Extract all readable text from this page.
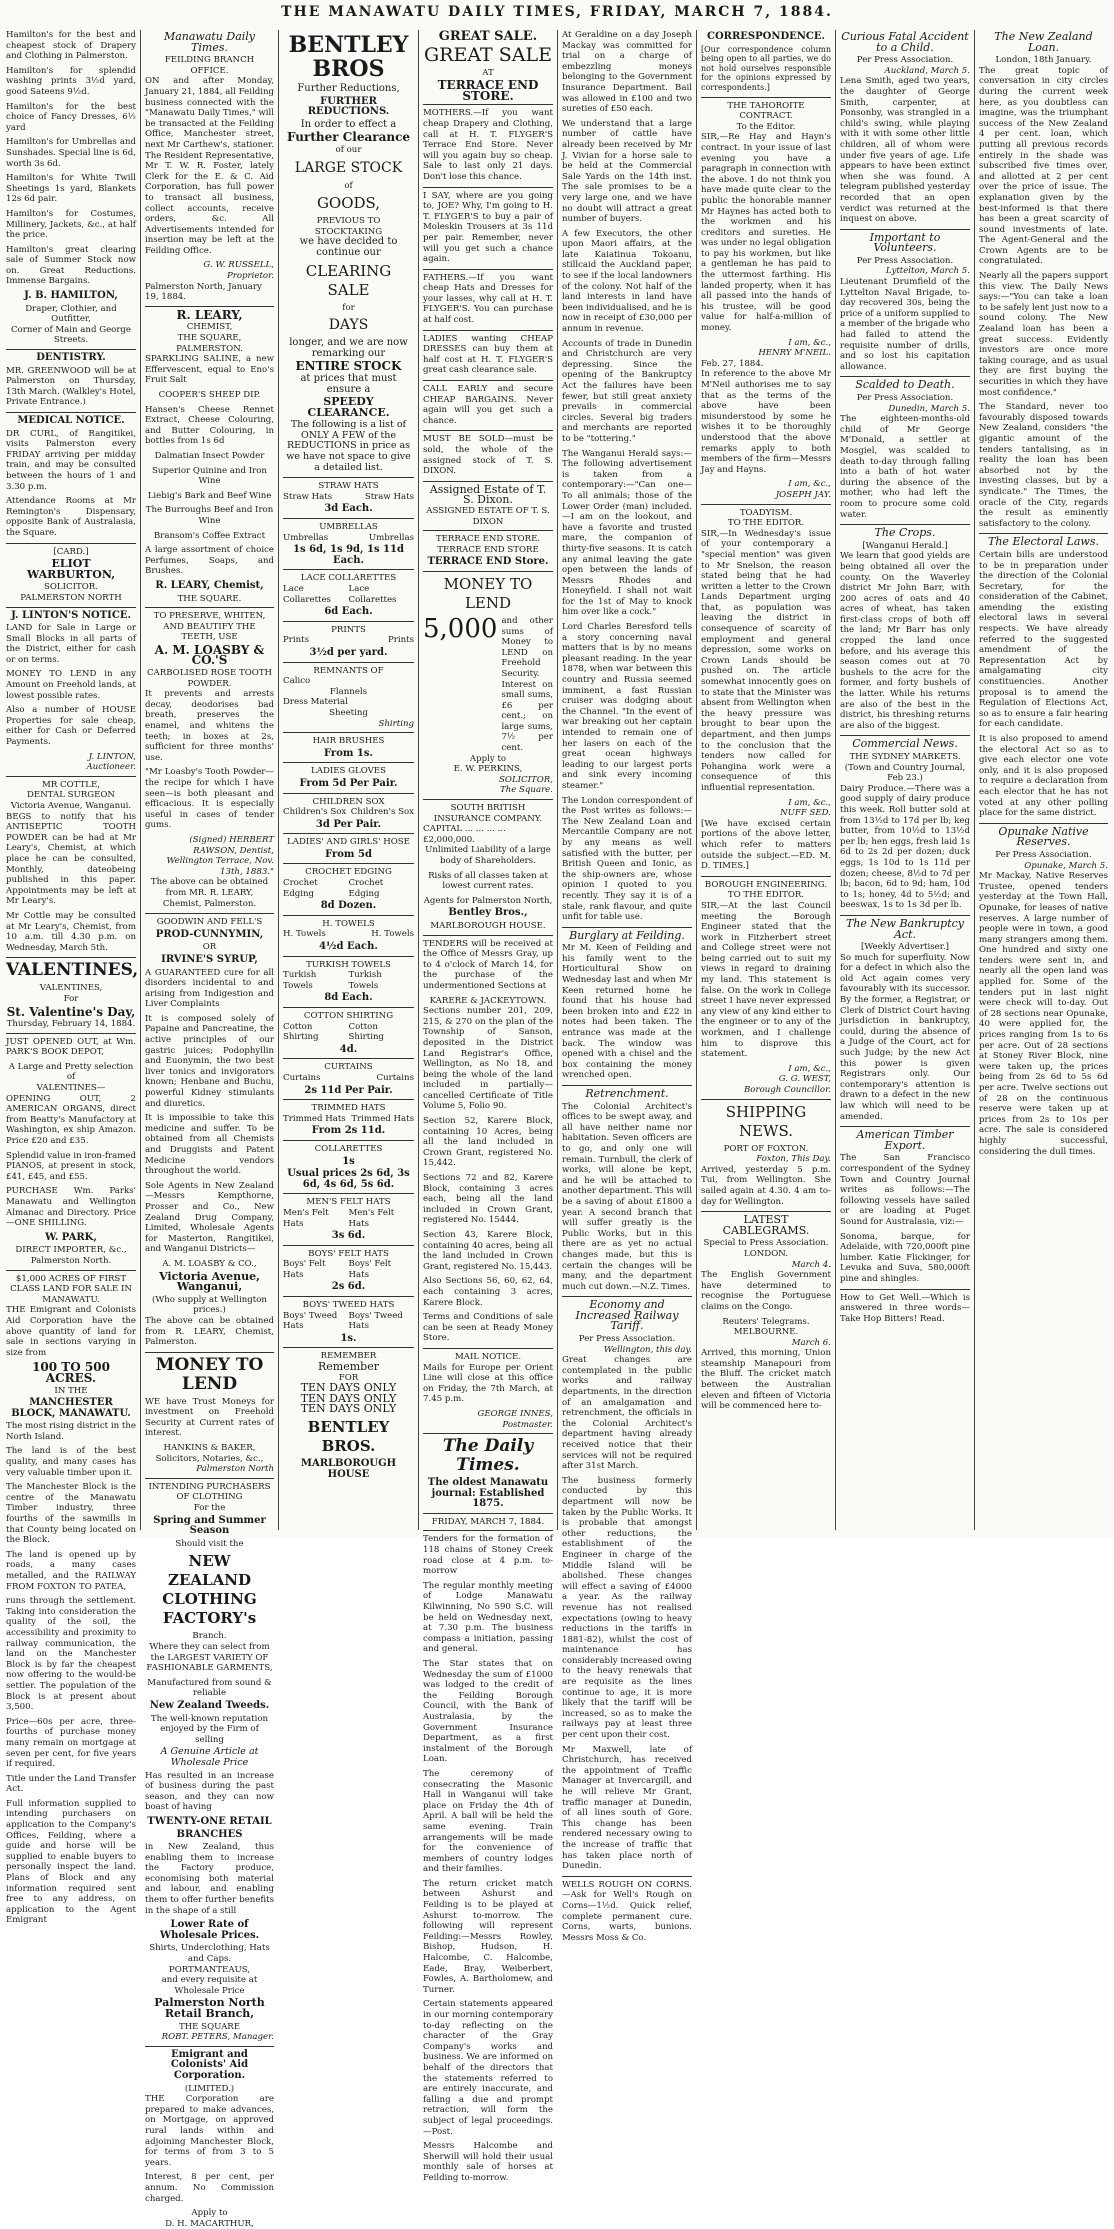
THE MANAWATU DAILY TIMES, FRIDAY, MARCH 7, 1884.

Hamilton's for the best and cheapest stock of Drapery and Clothing in Palmerston.

Hamilton's for splendid washing prints 3½d yard, good Sateens 9½d.

Hamilton's for the best choice of Fancy Dresses, 6½ yard

Hamilton's for Umbrellas and Sunshades. Special line is 6d, worth 3s 6d.

Hamilton's for White Twill Sheetings 1s yard, Blankets 12s 6d pair.

Hamilton's for Costumes, Millinery, Jackets, &c., at half the price.

Hamilton's great clearing sale of Summer Stock now on. Great Reductions. Immense Bargains.

J. B. HAMILTON,
Draper, Clothier, and Outfitter,
Corner of Main and George Streets.
DENTISTRY.

MR. GREENWOOD will be at Palmerston on Thursday, 13th March. (Walkley's Hotel, Private Entrance.)

MEDICAL NOTICE.

DR CURL, of Rangitikei, visits Palmerston every FRIDAY arriving per midday train, and may be consulted between the hours of 1 and 3.30 p.m.

Attendance Rooms at Mr Remington's Dispensary, opposite Bank of Australasia, the Square.

[CARD.]
ELIOT WARBURTON,
SOLICITOR.
PALMERSTON NORTH
J. LINTON'S NOTICE.

LAND for Sale in Large or Small Blocks in all parts of the District, either for cash or on terms.

MONEY TO LEND in any Amount on Freehold lands, at lowest possible rates.

Also a number of HOUSE Properties for sale cheap, either for Cash or Deferred Payments.

J. LINTON,
Auctioneer.
MR COTTLE,
DENTAL SURGEON
Victoria Avenue, Wanganui.

BEGS to notify that his ANTISEPTIC TOOTH POWDER can be had at Mr Leary's, Chemist, at which place he can be consulted, Monthly, dateobeing published in this paper. Appointments may be left at Mr Leary's.

Mr Cottle may be consulted at Mr Leary's, Chemist, from 10 a.m. till 4.30 p.m. on Wednesday, March 5th.

VALENTINES,
VALENTINES,
For
St. Valentine's Day,
Thursday, February 14, 1884.

JUST OPENED OUT, at Wm. PARK'S BOOK DEPOT,

A Large and Pretty selection of
VALENTINES—

OPENING OUT, 2 AMERICAN ORGANS, direct from Beatty's Manufactory at Washington, ex ship Amazon. Price £20 and £35.

Splendid value in iron-framed PIANOS, at present in stock, £41, £45, and £55.

PURCHASE Wm. Parks' Manawatu and Wellington Almanac and Directory. Price—ONE SHILLING.

W. PARK,
DIRECT IMPORTER, &c.,
Palmerston North.
$1,000 ACRES OF FIRST CLASS LAND FOR SALE IN MANAWATU.

THE Emigrant and Colonists Aid Corporation have the above quantity of land for sale in sections varying in size from

100 TO 500 ACRES.
IN THE
MANCHESTER BLOCK, MANAWATU.

The most rising district in the North Island.

The land is of the best quality, and many cases has very valuable timber upon it.

The Manchester Block is the centre of the Manawatu Timber industry, three fourths of the sawmills in that County being located on the Block.

The land is opened up by roads, a many cases metalled, and the RAILWAY FROM FOXTON TO PATEA,

runs through the settlement. Taking into consideration the quality of the soil, the accessibility and proximity to railway communication, the land on the Manchester Block is by far the cheapest now offering to the would-be settler. The population of the Block is at present about 3,500.

Price—60s per acre, three-fourths of purchase money many remain on mortgage at seven per cent, for five years if required.

Title under the Land Transfer Act.

Full information supplied to intending purchasers on application to the Company's Offices, Feilding, where a guide and horse will be supplied to enable buyers to personally inspect the land. Plans of Block and any information required sent free to any address, on application to the Agent Emigrant

Manawatu Daily Times.
FEILDING BRANCH OFFICE.

ON and after Monday, January 21, 1884, all Feilding business connected with the "Manawatu Daily Times," will be transacted at the Feilding Office, Manchester street, next Mr Carthew's, stationer. The Resident Representative, Mr T. W. R. Foster, lately Clerk for the E. & C. Aid Corporation, has full power to transact all business, collect accounts, receive orders, &c. All Advertisements intended for insertion may be left at the Feilding Office.

G. W. RUSSELL,
Proprietor.
Palmerston North, January 19, 1884.
R. LEARY,
CHEMIST,
THE SQUARE, PALMERSTON.

SPARKLING SALINE, a new Effervescent, equal to Eno's Fruit Salt

COOPER'S SHEEP DIP.

Hansen's Cheese Rennet Extract, Cheese Colouring, and Butter Colouring, in bottles from 1s 6d

Dalmatian Insect Powder

Superior Quinine and Iron Wine

Liebig's Bark and Beef Wine

The Burroughs Beef and Iron Wine

Bransom's Coffee Extract

A large assortment of choice Perfumes, Soaps, and Brushes.

R. LEARY, Chemist,
THE SQUARE.
TO PRESERVE, WHITEN, AND BEAUTIFY THE TEETH, USE
A. M. LOASBY & CO.'S
CARBOLISED ROSE TOOTH POWDER.

It prevents and arrests decay, deodorises bad breath, preserves the enamel, and whitens the teeth; in boxes at 2s, sufficient for three months' use.

"Mr Loasby's Tooth Powder—the recipe for which I have seen—is both pleasant and efficacious. It is especially useful in cases of tender gums.

(Signed) HERBERT RAWSON, Dentist,
Wellington Terrace, Nov. 13th, 1883."

The above can be obtained from MR. R. LEARY, Chemist, Palmerston.

GOODWIN AND FELL'S
PROD-CUNNYMIN,
OR
IRVINE'S SYRUP,

A GUARANTEED cure for all disorders incidental to and arising from Indigestion and Liver Complaints

It is composed solely of Papaine and Pancreatine, the active principles of our gastric juices; Podophyllin and Euonymin, the two best liver tonics and invigorators known; Henbane and Buchu, powerful Kidney stimulants and diuretics.

It is impossible to take this medicine and suffer. To be obtained from all Chemists and Druggists and Patent Medicine vendors throughout the world.

Sole Agents in New Zealand—Messrs Kempthorne, Prosser and Co., New Zealand Drug Company, Limited, Wholesale Agents for Masterton, Rangitikei, and Wanganui Districts—

A. M. LOASBY & CO.,
Victoria Avenue, Wanganui,
(Who supply at Wellington prices.)

The above can be obtained from R. LEARY, Chemist, Palmerston.

MONEY TO LEND

WE have Trust Moneys for investment on Freehold Security at Current rates of interest.

HANKINS & BAKER,
Solicitors, Notaries, &c.,
Palmerston North
INTENDING PURCHASERS OF CLOTHING
For the
Spring and Summer Season
Should visit the
NEW ZEALAND CLOTHING FACTORY's
Branch.

Where they can select from the LARGEST VARIETY OF FASHIONABLE GARMENTS,

Manufactured from sound & reliable
New Zealand Tweeds.
The well-known reputation enjoyed by the Firm of selling
A Genuine Article at Wholesale Price

Has resulted in an increase of business during the past season, and they can now boast of having

TWENTY-ONE RETAIL
BRANCHES

in New Zealand, thus enabling them to increase the Factory produce, economising both material and labour, and enabling them to offer further benefits in the shape of a still

Lower Rate of Wholesale Prices.
Shirts, Underclothing, Hats and Caps.
PORTMANTEAUS,
and every requisite at Wholesale Price
Palmerston North Retail Branch,
THE SQUARE
ROBT. PETERS, Manager.
Emigrant and Colonists' Aid Corporation.
(LIMITED.)

THE Corporation are prepared to make advances, on Mortgage, on approved rural lands within and adjoining Manchester Block, for terms of from 3 to 5 years.

Interest, 8 per cent, per annum. No Commission charged.

Apply to
D. H. MACARTHUR,
BENTLEY BROS
Further Reductions,
FURTHER REDUCTIONS.
In order to effect a
Further Clearance
of our
LARGE STOCK
of
GOODS,
PREVIOUS TO STOCKTAKING
we have decided to continue our
CLEARING SALE
for
DAYS
longer, and we are now remarking our
ENTIRE STOCK
at prices that must ensure a
SPEEDY CLEARANCE.

The following is a list of ONLY A FEW of the REDUCTIONS in price as we have not space to give a detailed list.

STRAW HATS
Straw Hats	Straw Hats
3d Each.
UMBRELLAS
Umbrellas	Umbrellas
1s 6d, 1s 9d, 1s 11d Each.
LACE COLLARETTES
Lace Collarettes
Lace Collarettes
6d Each.
PRINTS
Prints	Prints
3½d per yard.
REMNANTS OF
Calico
Flannels
Dress Material
Sheeting
Shirting
HAIR BRUSHES
From 1s.
LADIES GLOVES
From 5d Per Pair.
CHILDREN SOX
Children's Sox Children's Sox
3d Per Pair.
LADIES' AND GIRLS' HOSE
From 5d
CROCHET EDGING
Crochet Edging
Crochet Edging
8d Dozen.
H. TOWELS
H. Towels	H. Towels
4½d Each.
TURKISH TOWELS
Turkish Towels
Turkish Towels
8d Each.
COTTON SHIRTING
Cotton Shirting
Cotton Shirting
4d.
CURTAINS
Curtains	Curtains
2s 11d Per Pair.
TRIMMED HATS
Trimmed Hats Trimmed Hats
From 2s 11d.
COLLARETTES
1s
Usual prices 2s 6d, 3s 6d, 4s 6d, 5s 6d.
MEN'S FELT HATS
Men's Felt Hats
Men's Felt Hats
3s 6d.
BOYS' FELT HATS
Boys' Felt Hats
Boys' Felt Hats
2s 6d.
BOYS' TWEED HATS
Boys' Tweed Hats
Boys' Tweed Hats
1s.
REMEMBER
Remember
FOR
TEN DAYS ONLY
TEN DAYS ONLY
TEN DAYS ONLY
BENTLEY BROS.
MARLBOROUGH HOUSE
GREAT SALE.
GREAT SALE
AT
TERRACE END STORE.

MOTHERS.—If you want cheap Drapery and Clothing, call at H. T. FLYGER'S Terrace End Store. Never will you again buy so cheap. Sale to last only 21 days. Don't lose this chance.

I SAY, where are you going to, JOE? Why, I'm going to H. T. FLYGER'S to buy a pair of Moleskin Trousers at 3s 11d per pair. Remember, never will you get such a chance again.

FATHERS.—If you want cheap Hats and Dresses for your lasses, why call at H. T. FLYGER'S. You can purchase at half cost.

LADIES wanting CHEAP DRESSES can buy them at half cost at H. T. FLYGER'S great cash clearance sale.

CALL EARLY and secure CHEAP BARGAINS. Never again will you get such a chance.

MUST BE SOLD—must be sold, the whole of the assigned stock of T. S. DIXON.

Assigned Estate of T. S. Dixon.
ASSIGNED ESTATE OF T. S. DIXON
TERRACE END STORE.
TERRACE END STORE
TERRACE END Store.
MONEY TO LEND
5,000 and other sums of Money to LEND on Freehold Security. Interest on small sums, £6 per cent.; on large sums, 7½ per cent.
Apply to
E. W. PERKINS,
SOLICITOR,
The Square.
SOUTH BRITISH INSURANCE COMPANY.
CAPITAL ... ... ... ... £2,000,000.

Unlimited Liability of a large body of Shareholders.

Risks of all classes taken at lowest current rates.

Agents for Palmerston North,
Bentley Bros.,
MARLBOROUGH HOUSE.

TENDERS will be received at the Office of Messrs Gray, up to 4 o'clock of March 14, for the purchase of the undermentioned Sections at

KARERE & JACKEYTOWN.

Sections number 201, 209, 215, & 270 on the plan of the Township of Sanson, deposited in the District Land Registrar's Office, Wellington, as No 18, and being the whole of the land included in partially—cancelled Certificate of Title Volume 5, Folio 90.

Section 52, Karere Block, containing 10 Acres, being all the land included in Crown Grant, registered No. 15,442.

Sections 72 and 82, Karere Block, containing 3 acres each, being all the land included in Crown Grant, registered No. 15444.

Section 43, Karere Block, containing 40 acres, being all the land included in Crown Grant, registered No. 15,443.

Also Sections 56, 60, 62, 64, each containing 3 acres, Karere Block.

Terms and Conditions of sale can be seen at Ready Money Store.

MAIL NOTICE.

Mails for Europe per Orient Line will close at this office on Friday, the 7th March, at 7.45 p.m.

GEORGE INNES,
Postmaster.
The Daily Times.
The oldest Manawatu journal: Established 1875.
FRIDAY, MARCH 7, 1884.

Tenders for the formation of 118 chains of Stoney Creek road close at 4 p.m. to-morrow

The regular monthly meeting of Lodge Manawatu Kilwinning, No 590 S.C. will be held on Wednesday next, at 7.30 p.m. The business compass a initiation, passing and general.

The Star states that on Wednesday the sum of £1000 was lodged to the credit of the Feilding Borough Council, with the Bank of Australasia, by the Government Insurance Department, as a first instalment of the Borough Loan.

The ceremony of consecrating the Masonic Hall in Wanganui will take place on Friday the 4th of April. A ball will be held the same evening. Train arrangements will be made for the convenience of members of country lodges and their families.

The return cricket match between Ashurst and Feilding is to be played at Ashurst to-morrow. The following will represent Feilding:—Messrs Rowley, Bishop, Hudson, H. Halcombe, C. Halcombe, Eade, Bray, Weiberbert, Fowles, A. Bartholomew, and Turner.

Certain statements appeared in our morning contemporary to-day reflecting on the character of the Gray Company's works and business. We are informed on behalf of the directors that the statements referred to are entirely inaccurate, and falling a due and prompt retraction, will form the subject of legal proceedings.—Post.

Messrs Halcombe and Sherwill will hold their usual monthly sale of horses at Feilding to-morrow.

At Geraldine on a day Joseph Mackay was committed for trial on a charge of embezzling moneys belonging to the Government Insurance Department. Bail was allowed in £100 and two sureties of £50 each.

We understand that a large number of cattle have already been received by Mr J. Vivian for a horse sale to be held at the Commercial Sale Yards on the 14th inst. The sale promises to be a very large one, and we have no doubt will attract a great number of buyers.

A few Executors, the other upon Maori affairs, at the late Kaiatinua Tokoanu, stillcaid the Auckland paper, to see if the local landowners of the colony. Not half of the land interests in land have been individualised, and he is now in receipt of £30,000 per annum in revenue.

Accounts of trade in Dunedin and Christchurch are very depressing. Since the opening of the Bankruptcy Act the failures have been fewer, but still great anxiety prevails in commercial circles. Several big traders and merchants are reported to be "tottering."

The Wanganui Herald says:—The following advertisement is taken from a contemporary:—"Can one—To all animals; those of the Lower Order (man) included.—I am on the lookout, and have a favorite and trusted mare, the companion of thirty-five seasons. It is catch any animal leaving the gate open between the lands of Messrs Rhodes and Honeyfield. I shall not wait for the 1st of May to knock him over like a cock."

Lord Charles Beresford tells a story concerning naval matters that is by no means pleasant reading. In the year 1878, when war between this country and Russia seemed imminent, a fast Russian cruiser was dodging about the Channel. "In the event of war breaking out her captain intended to remain one of her lasers on each of the great ocean highways leading to our largest ports and sink every incoming steamer."

The London correspondent of the Post writes as follows:—The New Zealand Loan and Mercantile Company are not by any means as well satisfied with the butter, per British Queen and Ionic, as the ship-owners are, whose opinion I quoted to you recently. They say it is of a stale, rank flavour, and quite unfit for table use.

Burglary at Feilding.

Mr M. Keen of Feilding and his family went to the Horticultural Show on Wednesday last and when Mr Keen returned home he found that his house had been broken into and £22 in notes had been taken. The entrance was made at the back. The window was opened with a chisel and the box containing the money wrenched open.

Retrenchment.

The Colonial Architect's offices to be swept away, and all have neither name nor habitation. Seven officers are to go, and only one will remain. Turnbull, the clerk of works, will alone be kept, and he will be attached to another department. This will be a saving of about £1800 a year. A second branch that will suffer greatly is the Public Works, but in this there are as yet no actual changes made, but this is certain the changes will be many, and the department much cut down.—N.Z. Times.

Economy and Increased Railway Tariff.
Per Press Association.
Wellington, this day.

Great changes are contemplated in the public works and railway departments, in the direction of an amalgamation and retrenchment, the officials in the Colonial Architect's department having already received notice that their services will not be required after 31st March.

The business formerly conducted by this department will now be taken by the Public Works. It is probable that amongst other reductions, the establishment of the Engineer in charge of the Middle Island will be abolished. These changes will effect a saving of £4000 a year. As the railway revenue has not realised expectations (owing to heavy reductions in the tariffs in 1881-82), whilst the cost of maintenance has considerably increased owing to the heavy renewals that are requisite as the lines continue to age, it is more likely that the tariff will be increased, so as to make the railways pay at least three per cent upon their cost.

Mr Maxwell, late of Christchurch, has received the appointment of Traffic Manager at Invercargill, and he will relieve Mr Grant, traffic manager at Dunedin, of all lines south of Gore. This change has been rendered necessary owing to the increase of traffic that has taken place north of Dunedin.

WELLS ROUGH ON CORNS.—Ask for Well's Rough on Corns—1½d. Quick relief, complete permanent cure. Corns, warts, bunions. Messrs Moss & Co.

CORRESPONDENCE.

[Our correspondence column being open to all parties, we do not hold ourselves responsible for the opinions expressed by correspondents.]

THE TAHOROITE CONTRACT.
To the Editor.

SIR,—Re Hay and Hayn's contract. In your issue of last evening you have a paragraph in connection with the above. I do not think you have made quite clear to the public the honorable manner Mr Haynes has acted both to the workmen and his creditors and sureties. He was under no legal obligation to pay his workmen, but like a gentleman he has paid to the uttermost farthing. His landed property, when it has all passed into the hands of his trustee, will be good value for half-a-million of money.

I am, &c.,
HENRY M'NEIL.
Feb. 27, 1884.

In reference to the above Mr M'Neil authorises me to say that as the terms of the above have been misunderstood by some he wishes it to be thoroughly understood that the above remarks apply to both members of the firm—Messrs Jay and Hayns.

I am, &c.,
JOSEPH JAY.
TOADYISM.
TO THE EDITOR.

SIR,—In Wednesday's issue of your contemporary a "special mention" was given to Mr Snelson, the reason stated being that he had written a letter to the Crown Lands Department urging that, as population was leaving the district in consequence of scarcity of employment and general depression, some works on Crown Lands should be pushed on. The article somewhat innocently goes on to state that the Minister was absent from Wellington when the heavy pressure was brought to bear upon the department, and then jumps to the conclusion that the tenders now called for Pohangina work were a consequence of this influential representation.

I am, &c.,
NUFF SED.

[We have excised certain portions of the above letter, which refer to matters outside the subject.—ED. M. D. TIMES.]

BOROUGH ENGINEERING.
TO THE EDITOR.

SIR,—At the last Council meeting the Borough Engineer stated that the work in Fitzherbert street and College street were not being carried out to suit my views in regard to draining my land. This statement is false. On the work in College street I have never expressed any view of any kind either to the engineer or to any of the workmen, and I challenge him to disprove this statement.

I am, &c.,
G. G. WEST,
Borough Councillor.
SHIPPING NEWS.
PORT OF FOXTON.
Foxton, This Day.

Arrived, yesterday 5 p.m. Tui, from Wellington. She sailed again at 4.30. 4 am to-day for Wellington.

LATEST CABLEGRAMS.
Special to Press Association.
LONDON.
March 4.

The English Government have determined to recognise the Portuguese claims on the Congo.

Reuters' Telegrams.
MELBOURNE.
March 6.

Arrived, this morning, Union steamship Manapouri from the Bluff. The cricket match between the Australian eleven and fifteen of Victoria will be commenced here to-

Curious Fatal Accident to a Child.
Per Press Association.
Auckland, March 5.

Lena Smith, aged two years, the daughter of George Smith, carpenter, at Ponsonby, was strangled in a child's swing, while playing with it with some other little children, all of whom were under five years of age. Life appears to have been extinct when she was found. A telegram published yesterday recorded that an open verdict was returned at the inquest on above.

Important to Volunteers.
Per Press Association.
Lyttelton, March 5.

Lieutenant Drumfield of the Lyttelton Naval Brigade, to-day recovered 30s, being the price of a uniform supplied to a member of the brigade who had failed to attend the requisite number of drills, and so lost his capitation allowance.

Scalded to Death.
Per Press Association.
Dunedin, March 5.

The eighteen-months-old child of Mr George M'Donald, a settler at Mosgiel, was scalded to death to-day through falling into a bath of hot water during the absence of the mother, who had left the room to procure some cold water.

The Crops.
[Wanganui Herald.]

We learn that good yields are being obtained all over the county. On the Waverley district Mr John Barr, with 200 acres of oats and 40 acres of wheat, has taken first-class crops of both off the land; Mr Barr has only cropped the land once before, and his average this season comes out at 70 bushels to the acre for the former, and forty bushels of the latter. While his returns are also of the best in the district, his threshing returns are also of the biggest.

Commercial News.
THE SYDNEY MARKETS.
(Town and Country Journal, Feb 23.)

Dairy Produce.—There was a good supply of dairy produce this week. Roll butter sold at from 13½d to 17d per lb; keg butter, from 10½d to 13½d per lb; hen eggs, fresh laid 1s 6d to 2s 2d per dozen; duck eggs, 1s 10d to 1s 11d per dozen; cheese, 8½d to 7d per lb; bacon, 6d to 9d; ham, 10d to 1s; honey, 4d to 5½d; and beeswax, 1s to 1s 3d per lb.

The New Bankruptcy Act.
[Weekly Advertiser.]

So much for superfluity. Now for a defect in which also the old Act again comes very favourably with its successor. By the former, a Registrar, or Clerk of District Court having jurisdiction in bankruptcy, could, during the absence of a Judge of the Court, act for such Judge; by the new Act this power is given Registrars only. Our contemporary's attention is drawn to a defect in the new law which will need to be amended.

American Timber Export.

The San Francisco correspondent of the Sydney Town and Country Journal writes as follows:—The following vessels have sailed or are loading at Puget Sound for Australasia, viz:—

Sonoma, barque, for Adelaide, with 720,000ft pine lumber. Katie Flickinger, for Levuka and Suva, 580,000ft pine and shingles.

How to Get Well.—Which is answered in three words—Take Hop Bitters! Read.

The New Zealand Loan.
London, 18th January.

The great topic of conversation in city circles during the current week here, as you doubtless can imagine, was the triumphant success of the New Zealand 4 per cent. loan, which putting all previous records entirely in the shade was subscribed five times over, and allotted at 2 per cent over the price of issue. The explanation given by the best-informed is that there has been a great scarcity of sound investments of late. The Agent-General and the Crown Agents are to be congratulated.

Nearly all the papers support this view. The Daily News says:—"You can take a loan to be safely lent just now to a sound colony. The New Zealand loan has been a great success. Evidently investors are once more taking courage, and as usual they are first buying the securities in which they have most confidence."

The Standard, never too favourably disposed towards New Zealand, considers "the gigantic amount of the tenders tantalising, as in reality the loan has been absorbed not by the investing classes, but by a syndicate." The Times, the oracle of the City, regards the result as eminently satisfactory to the colony.

The Electoral Laws.

Certain bills are understood to be in preparation under the direction of the Colonial Secretary, for the consideration of the Cabinet, amending the existing electoral laws in several respects. We have already referred to the suggested amendment of the Representation Act by amalgamating city constituencies. Another proposal is to amend the Regulation of Elections Act, so as to ensure a fair hearing for each candidate.

It is also proposed to amend the electoral Act so as to give each elector one vote only, and it is also proposed to require a declaration from each elector that he has not voted at any other polling place for the same district.

Opunake Native Reserves.
Per Press Association.
Opunake, March 5.

Mr Mackay, Native Reserves Trustee, opened tenders yesterday at the Town Hall, Opunake, for leases of native reserves. A large number of people were in town, a good many strangers among them. One hundred and sixty one tenders were sent in, and nearly all the open land was applied for. Some of the tenders put in last night were check will to-day. Out of 28 sections near Opunake, 40 were applied for, the prices ranging from 1s to 6s per acre. Out of 28 sections at Stoney River Block, nine were taken up, the prices being from 2s 6d to 5s 6d per acre. Twelve sections out of 28 on the continuous reserve were taken up at prices from 2s to 10s per acre. The sale is considered highly successful, considering the dull times.
